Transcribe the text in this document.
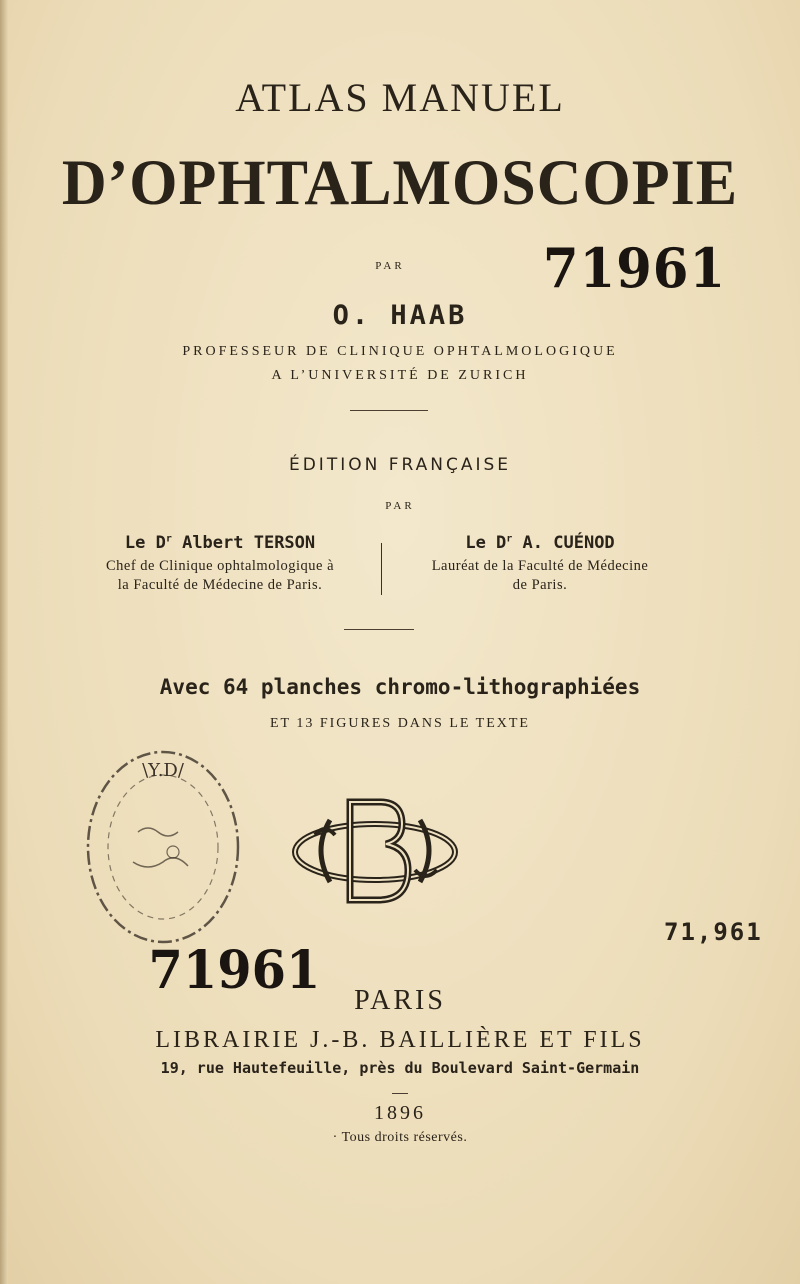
ATLAS MANUEL
D’OPHTALMOSCOPIE
PAR	71961
O. HAAB
PROFESSEUR DE CLINIQUE OPHTALMOLOGIQUE
A L’UNIVERSITÉ DE ZURICH
ÉDITION FRANÇAISE
PAR
Le $D^r$ Albert TERSON
Chef de Clinique ophtalmologique à
la Faculté de Médecine de Paris.
Le $D^r$ A. CUÉNOD
Lauréat de la Faculté de Médecine
de Paris.
Avec 64 planches chromo-lithographiées
ET 13 FIGURES DANS LE TEXTE
\Y.D/
71961
71,961
PARIS
LIBRAIRIE J.-B. BAILLIÈRE ET FILS
19, rue Hautefeuille, près du Boulevard Saint-Germain
1896
· Tous droits réservés.
